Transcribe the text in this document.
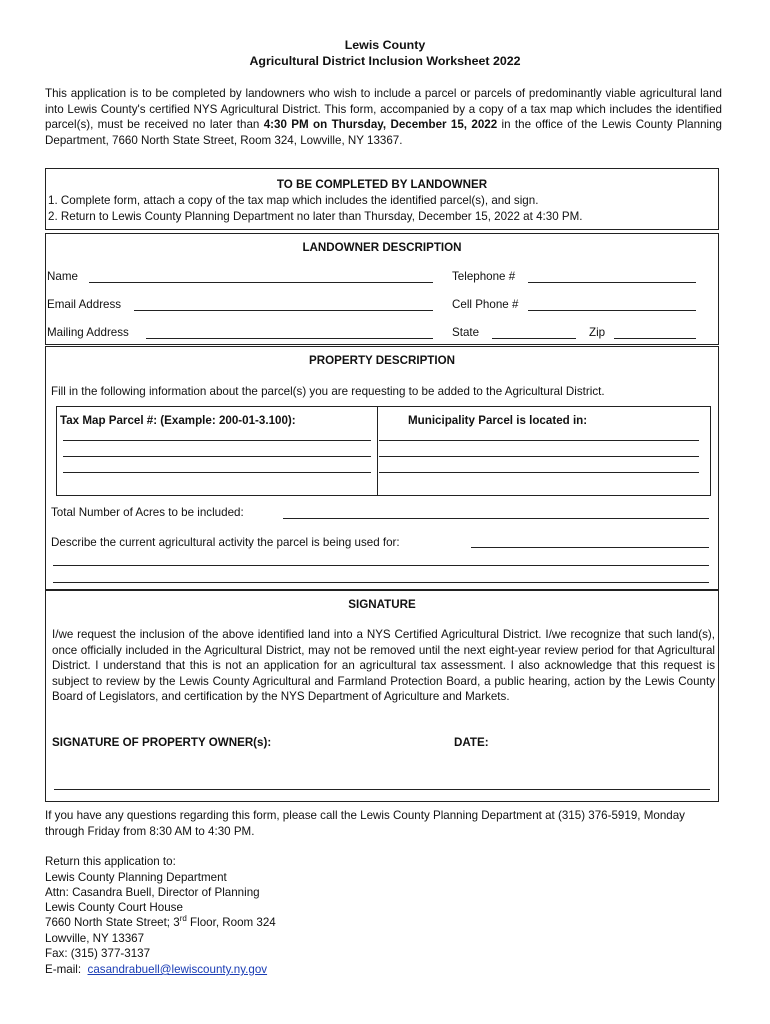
Lewis County
Agricultural District Inclusion Worksheet 2022
This application is to be completed by landowners who wish to include a parcel or parcels of predominantly viable agricultural land into Lewis County's certified NYS Agricultural District. This form, accompanied by a copy of a tax map which includes the identified parcel(s), must be received no later than 4:30 PM on Thursday, December 15, 2022 in the office of the Lewis County Planning Department, 7660 North State Street, Room 324, Lowville, NY 13367.
TO BE COMPLETED BY LANDOWNER
1. Complete form, attach a copy of the tax map which includes the identified parcel(s), and sign.
2. Return to Lewis County Planning Department no later than Thursday, December 15, 2022 at 4:30 PM.
LANDOWNER DESCRIPTION
Name	Telephone #
Email Address	Cell Phone #
Mailing Address	State	Zip
PROPERTY DESCRIPTION
Fill in the following information about the parcel(s) you are requesting to be added to the Agricultural District.
Tax Map Parcel #: (Example: 200-01-3.100):	Municipality Parcel is located in:
Total Number of Acres to be included:
Describe the current agricultural activity the parcel is being used for:
SIGNATURE
I/we request the inclusion of the above identified land into a NYS Certified Agricultural District. I/we recognize that such land(s), once officially included in the Agricultural District, may not be removed until the next eight-year review period for that Agricultural District. I understand that this is not an application for an agricultural tax assessment. I also acknowledge that this request is subject to review by the Lewis County Agricultural and Farmland Protection Board, a public hearing, action by the Lewis County Board of Legislators, and certification by the NYS Department of Agriculture and Markets.
SIGNATURE OF PROPERTY OWNER(s):	DATE:
If you have any questions regarding this form, please call the Lewis County Planning Department at (315) 376-5919, Monday through Friday from 8:30 AM to 4:30 PM.
Return this application to:
Lewis County Planning Department
Attn: Casandra Buell, Director of Planning
Lewis County Court House
7660 North State Street; 3rd Floor, Room 324
Lowville, NY 13367
Fax: (315) 377-3137
E-mail: casandrabuell@lewiscounty.ny.gov
